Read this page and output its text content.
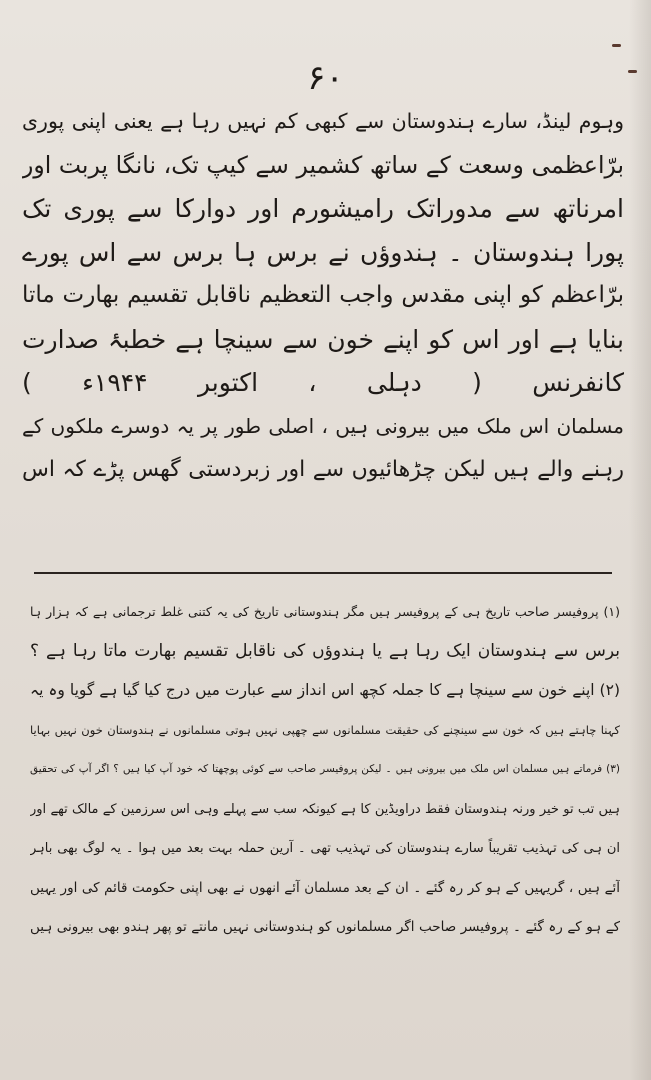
۶۰
وہوم لینڈ، سارے ہندوستان سے کبھی کم نہیں رہا ہے یعنی اپنی پوری
برّاعظمی وسعت کے ساتھ کشمیر سے کیپ تک، نانگا پربت اور
امرناتھ سے مدوراتک رامیشورم اور دوارکا سے پوری تک
پورا ہندوستان ۔ ہندوؤں نے برس ہا برس سے اس پورے
برّاعظم کو اپنی مقدس واجب التعظیم ناقابل تقسیم بھارت ماتا
بنایا ہے اور اس کو اپنے خون سے سینچا ہے خطبۂ صدارت
کانفرنس ( دہلی ، اکتوبر ۱۹۴۴ء )
مسلمان اس ملک میں بیرونی ہیں ، اصلی طور پر یہ دوسرے ملکوں کے
رہنے والے ہیں لیکن چڑھائیوں سے اور زبردستی گھس پڑے کہ اس
(۱) پروفیسر صاحب تاریخ ہی کے پروفیسر ہیں مگر ہندوستانی تاریخ کی یہ کتنی غلط ترجمانی ہے کہ ہزار ہا
برس سے ہندوستان ایک رہا ہے یا ہندوؤں کی ناقابل تقسیم بھارت ماتا رہا ہے ؟
(۲) اپنے خون سے سینچا ہے کا جملہ کچھ اس انداز سے عبارت میں درج کیا گیا ہے گویا وہ یہ
کہنا چاہتے ہیں کہ خون سے سینچنے کی حقیقت مسلمانوں سے چھپی نہیں ہوتی مسلمانوں نے ہندوستان خون نہیں بہایا
(۳) فرماتے ہیں مسلمان اس ملک میں بیرونی ہیں ۔ لیکن پروفیسر صاحب سے کوئی پوچھتا کہ خود آپ کیا ہیں ؟ اگر آپ کی تحقیق
ہیں تب تو خیر ورنہ ہندوستان فقط دراویڈین کا ہے کیونکہ سب سے پہلے وہی اس سرزمین کے مالک تھے اور
ان ہی کی تہذیب تقریباً سارے ہندوستان کی تہذیب تھی ۔ آرین حملہ بہت بعد میں ہوا ۔ یہ لوگ بھی باہر
آئے ہیں ، گریہیں کے ہو کر رہ گئے ۔ ان کے بعد مسلمان آئے انھوں نے بھی اپنی حکومت قائم کی اور یہیں
کے ہو کے رہ گئے ۔ پروفیسر صاحب اگر مسلمانوں کو ہندوستانی نہیں مانتے تو پھر ہندو بھی بیرونی ہیں
